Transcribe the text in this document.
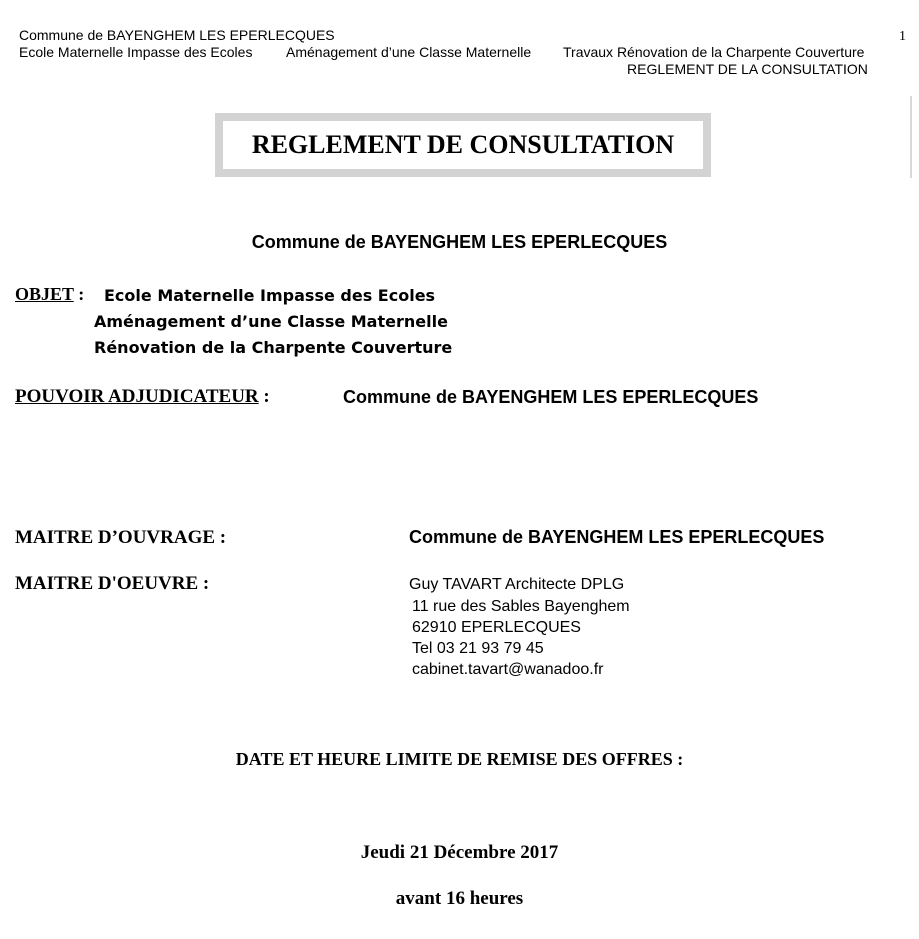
Commune de BAYENGHEM LES EPERLECQUES
Ecole Maternelle Impasse des Ecoles Aménagement d’une Classe Maternelle Travaux Rénovation de la Charpente Couverture
REGLEMENT DE LA CONSULTATION
1
REGLEMENT DE CONSULTATION
Commune de BAYENGHEM LES EPERLECQUES
OBJET : Ecole Maternelle Impasse des Ecoles
Aménagement d’une Classe Maternelle
Rénovation de la Charpente Couverture
POUVOIR ADJUDICATEUR :	Commune de BAYENGHEM LES EPERLECQUES
MAITRE D’OUVRAGE :	Commune de BAYENGHEM LES EPERLECQUES
MAITRE D'OEUVRE :	Guy TAVART Architecte DPLG
11 rue des Sables Bayenghem
62910 EPERLECQUES
Tel 03 21 93 79 45
cabinet.tavart@wanadoo.fr
DATE ET HEURE LIMITE DE REMISE DES OFFRES :
Jeudi 21 Décembre 2017
avant 16 heures
